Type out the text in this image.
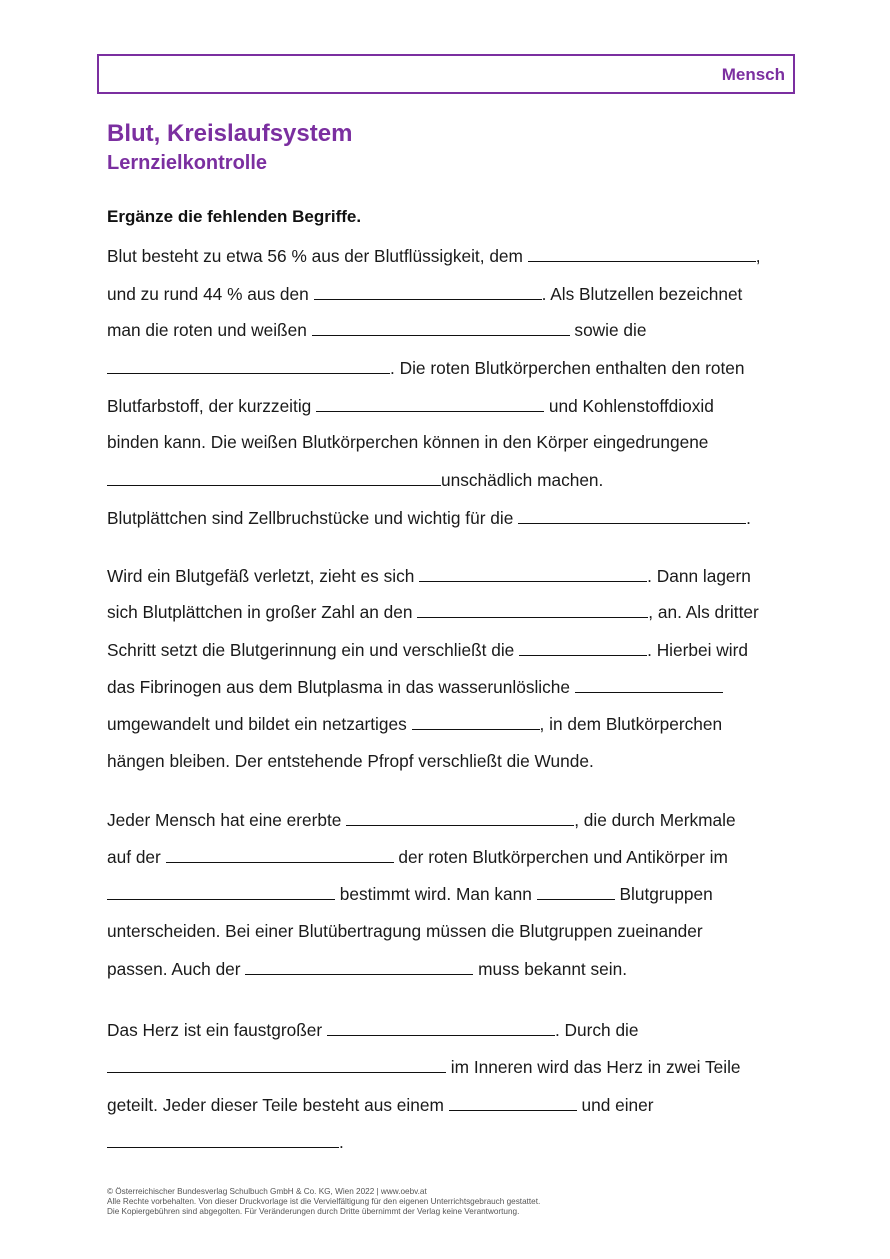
Mensch
Blut, Kreislaufsystem
Lernzielkontrolle
Ergänze die fehlenden Begriffe.
Blut besteht zu etwa 56 % aus der Blutflüssigkeit, dem	,
und zu rund 44 % aus den	. Als Blutzellen bezeichnet
man die roten und weißen	sowie die
. Die roten Blutkörperchen enthalten den roten
Blutfarbstoff, der kurzzeitig	und Kohlenstoffdioxid
binden kann. Die weißen Blutkörperchen können in den Körper eingedrungene
unschädlich machen.
Blutplättchen sind Zellbruchstücke und wichtig für die	.
Wird ein Blutgefäß verletzt, zieht es sich	. Dann lagern
sich Blutplättchen in großer Zahl an den	, an. Als dritter
Schritt setzt die Blutgerinnung ein und verschließt die	. Hierbei wird
das Fibrinogen aus dem Blutplasma in das wasserunlösliche
umgewandelt und bildet ein netzartiges	, in dem Blutkörperchen
hängen bleiben. Der entstehende Pfropf verschließt die Wunde.
Jeder Mensch hat eine ererbte	, die durch Merkmale
auf der	der roten Blutkörperchen und Antikörper im
bestimmt wird. Man kann	Blutgruppen
unterscheiden. Bei einer Blutübertragung müssen die Blutgruppen zueinander
passen. Auch der	muss bekannt sein.
Das Herz ist ein faustgroßer	. Durch die
im Inneren wird das Herz in zwei Teile
geteilt. Jeder dieser Teile besteht aus einem	und einer
.
© Österreichischer Bundesverlag Schulbuch GmbH & Co. KG, Wien 2022 | www.oebv.at
Alle Rechte vorbehalten. Von dieser Druckvorlage ist die Vervielfältigung für den eigenen Unterrichtsgebrauch gestattet.
Die Kopiergebühren sind abgegolten. Für Veränderungen durch Dritte übernimmt der Verlag keine Verantwortung.
